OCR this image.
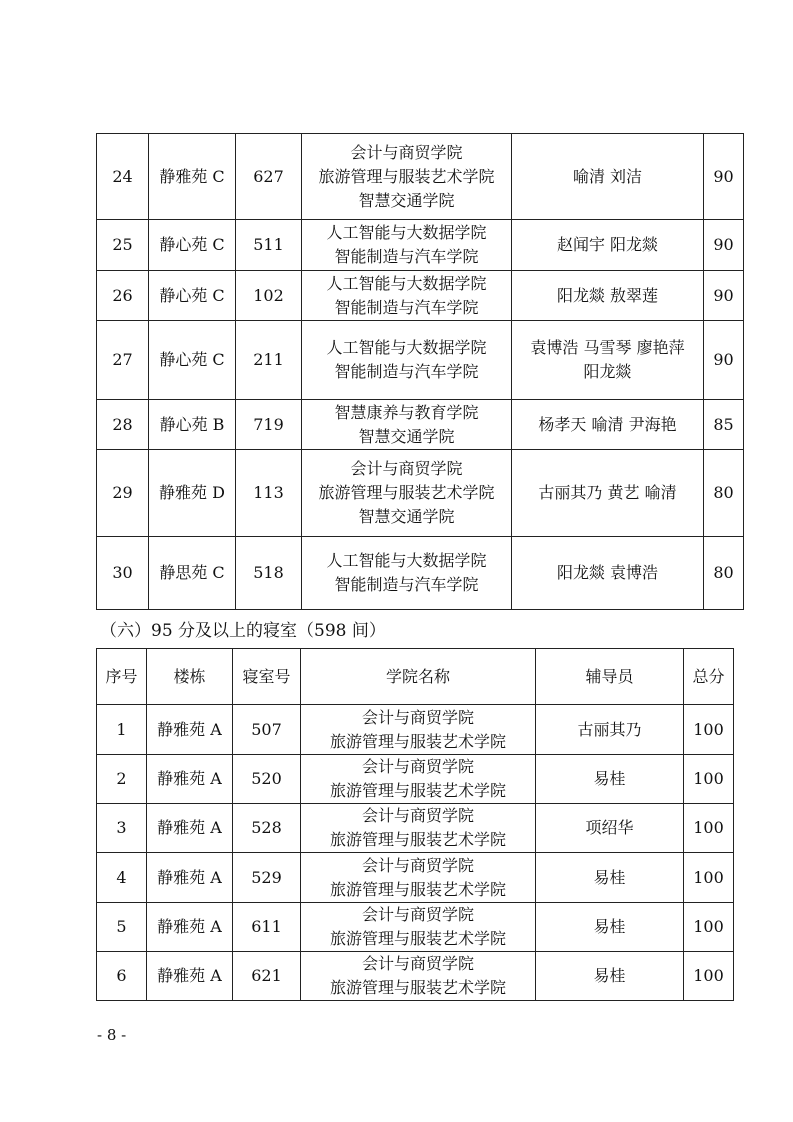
24	静雅苑 C	627	会计与商贸学院
旅游管理与服装艺术学院
智慧交通学院	喻清 刘洁	90
25	静心苑 C	511	人工智能与大数据学院
智能制造与汽车学院	赵闻宇 阳龙燚	90
26	静心苑 C	102	人工智能与大数据学院
智能制造与汽车学院	阳龙燚 敖翠莲	90
27	静心苑 C	211	人工智能与大数据学院
智能制造与汽车学院	袁博浩 马雪琴 廖艳萍
阳龙燚	90
28	静心苑 B	719	智慧康养与教育学院
智慧交通学院	杨孝天 喻清 尹海艳	85
29	静雅苑 D	113	会计与商贸学院
旅游管理与服装艺术学院
智慧交通学院	古丽其乃 黄艺 喻清	80
30	静思苑 C	518	人工智能与大数据学院
智能制造与汽车学院	阳龙燚 袁博浩	80
（六）95 分及以上的寝室（598 间）
序号	楼栋	寝室号	学院名称	辅导员	总分
1	静雅苑 A	507	会计与商贸学院
旅游管理与服装艺术学院	古丽其乃	100
2	静雅苑 A	520	会计与商贸学院
旅游管理与服装艺术学院	易桂	100
3	静雅苑 A	528	会计与商贸学院
旅游管理与服装艺术学院	项绍华	100
4	静雅苑 A	529	会计与商贸学院
旅游管理与服装艺术学院	易桂	100
5	静雅苑 A	611	会计与商贸学院
旅游管理与服装艺术学院	易桂	100
6	静雅苑 A	621	会计与商贸学院
旅游管理与服装艺术学院	易桂	100
- 8 -
